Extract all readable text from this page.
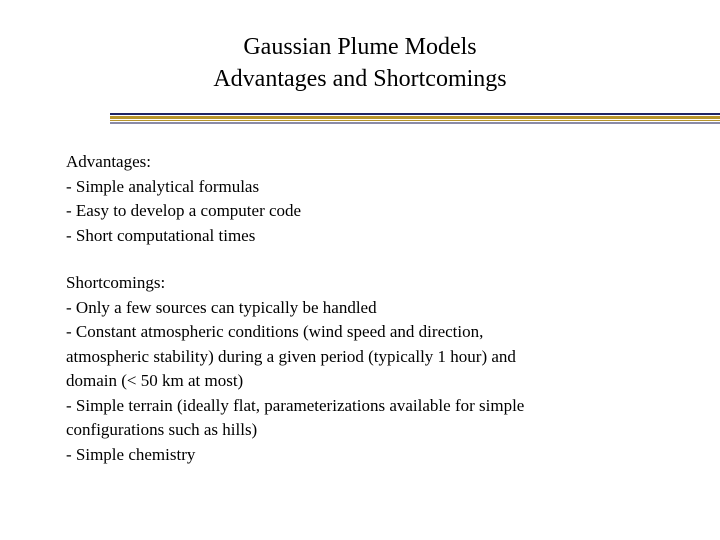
Gaussian Plume Models
Advantages and Shortcomings
Advantages:
- Simple analytical formulas
- Easy to develop a computer code
- Short computational times
Shortcomings:
- Only a few sources can typically be handled
- Constant atmospheric conditions (wind speed and direction,
atmospheric stability) during a given period (typically 1 hour) and
domain (< 50 km at most)
- Simple terrain (ideally flat, parameterizations available for simple
configurations such as hills)
- Simple chemistry
